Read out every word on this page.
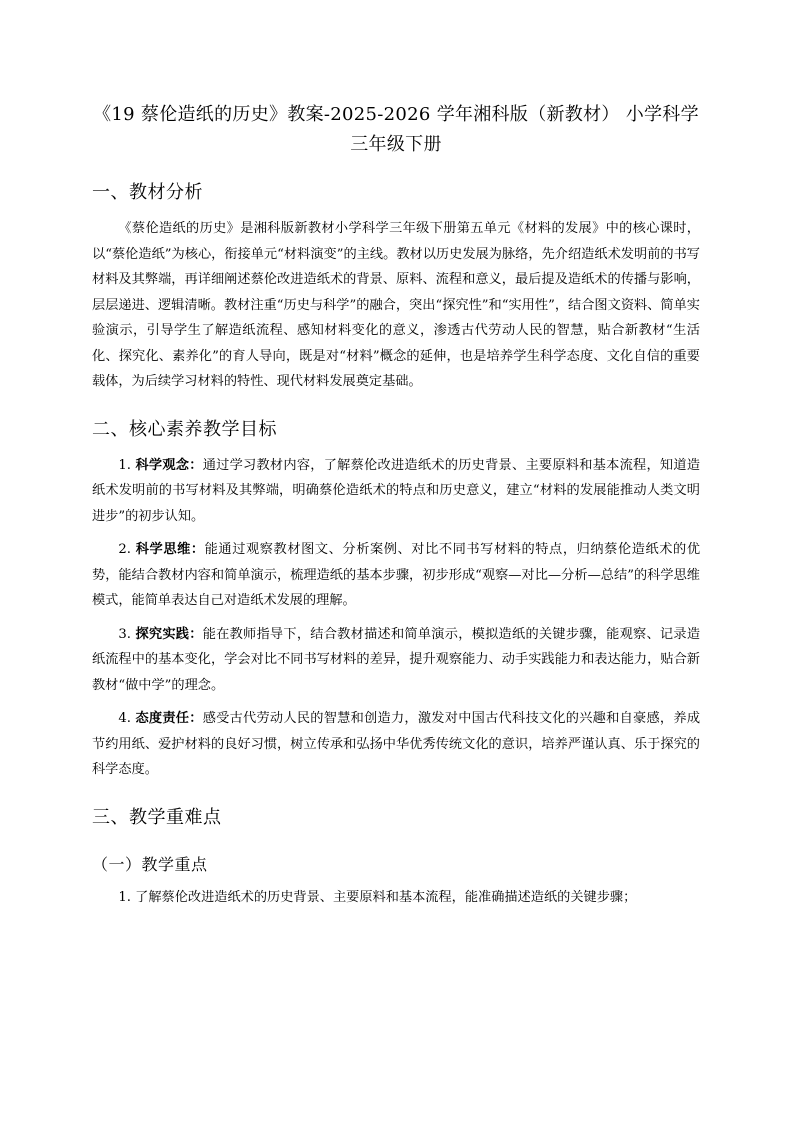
《19 蔡伦造纸的历史》教案-2025-2026 学年湘科版（新教材） 小学科学三年级下册
一、教材分析

《蔡伦造纸的历史》是湘科版新教材小学科学三年级下册第五单元《材料的发展》中的核心课时，以“蔡伦造纸”为核心，衔接单元“材料演变”的主线。教材以历史发展为脉络，先介绍造纸术发明前的书写材料及其弊端，再详细阐述蔡伦改进造纸术的背景、原料、流程和意义，最后提及造纸术的传播与影响，层层递进、逻辑清晰。教材注重“历史与科学”的融合，突出“探究性”和“实用性”，结合图文资料、简单实验演示，引导学生了解造纸流程、感知材料变化的意义，渗透古代劳动人民的智慧，贴合新教材“生活化、探究化、素养化”的育人导向，既是对“材料”概念的延伸，也是培养学生科学态度、文化自信的重要载体，为后续学习材料的特性、现代材料发展奠定基础。

二、核心素养教学目标

1. 科学观念：通过学习教材内容，了解蔡伦改进造纸术的历史背景、主要原料和基本流程，知道造纸术发明前的书写材料及其弊端，明确蔡伦造纸术的特点和历史意义，建立“材料的发展能推动人类文明进步”的初步认知。

2. 科学思维：能通过观察教材图文、分析案例、对比不同书写材料的特点，归纳蔡伦造纸术的优势，能结合教材内容和简单演示，梳理造纸的基本步骤，初步形成“观察—对比—分析—总结”的科学思维模式，能简单表达自己对造纸术发展的理解。

3. 探究实践：能在教师指导下，结合教材描述和简单演示，模拟造纸的关键步骤，能观察、记录造纸流程中的基本变化，学会对比不同书写材料的差异，提升观察能力、动手实践能力和表达能力，贴合新教材“做中学”的理念。

4. 态度责任：感受古代劳动人民的智慧和创造力，激发对中国古代科技文化的兴趣和自豪感，养成节约用纸、爱护材料的良好习惯，树立传承和弘扬中华优秀传统文化的意识，培养严谨认真、乐于探究的科学态度。

三、教学重难点
（一）教学重点

1. 了解蔡伦改进造纸术的历史背景、主要原料和基本流程，能准确描述造纸的关键步骤；
